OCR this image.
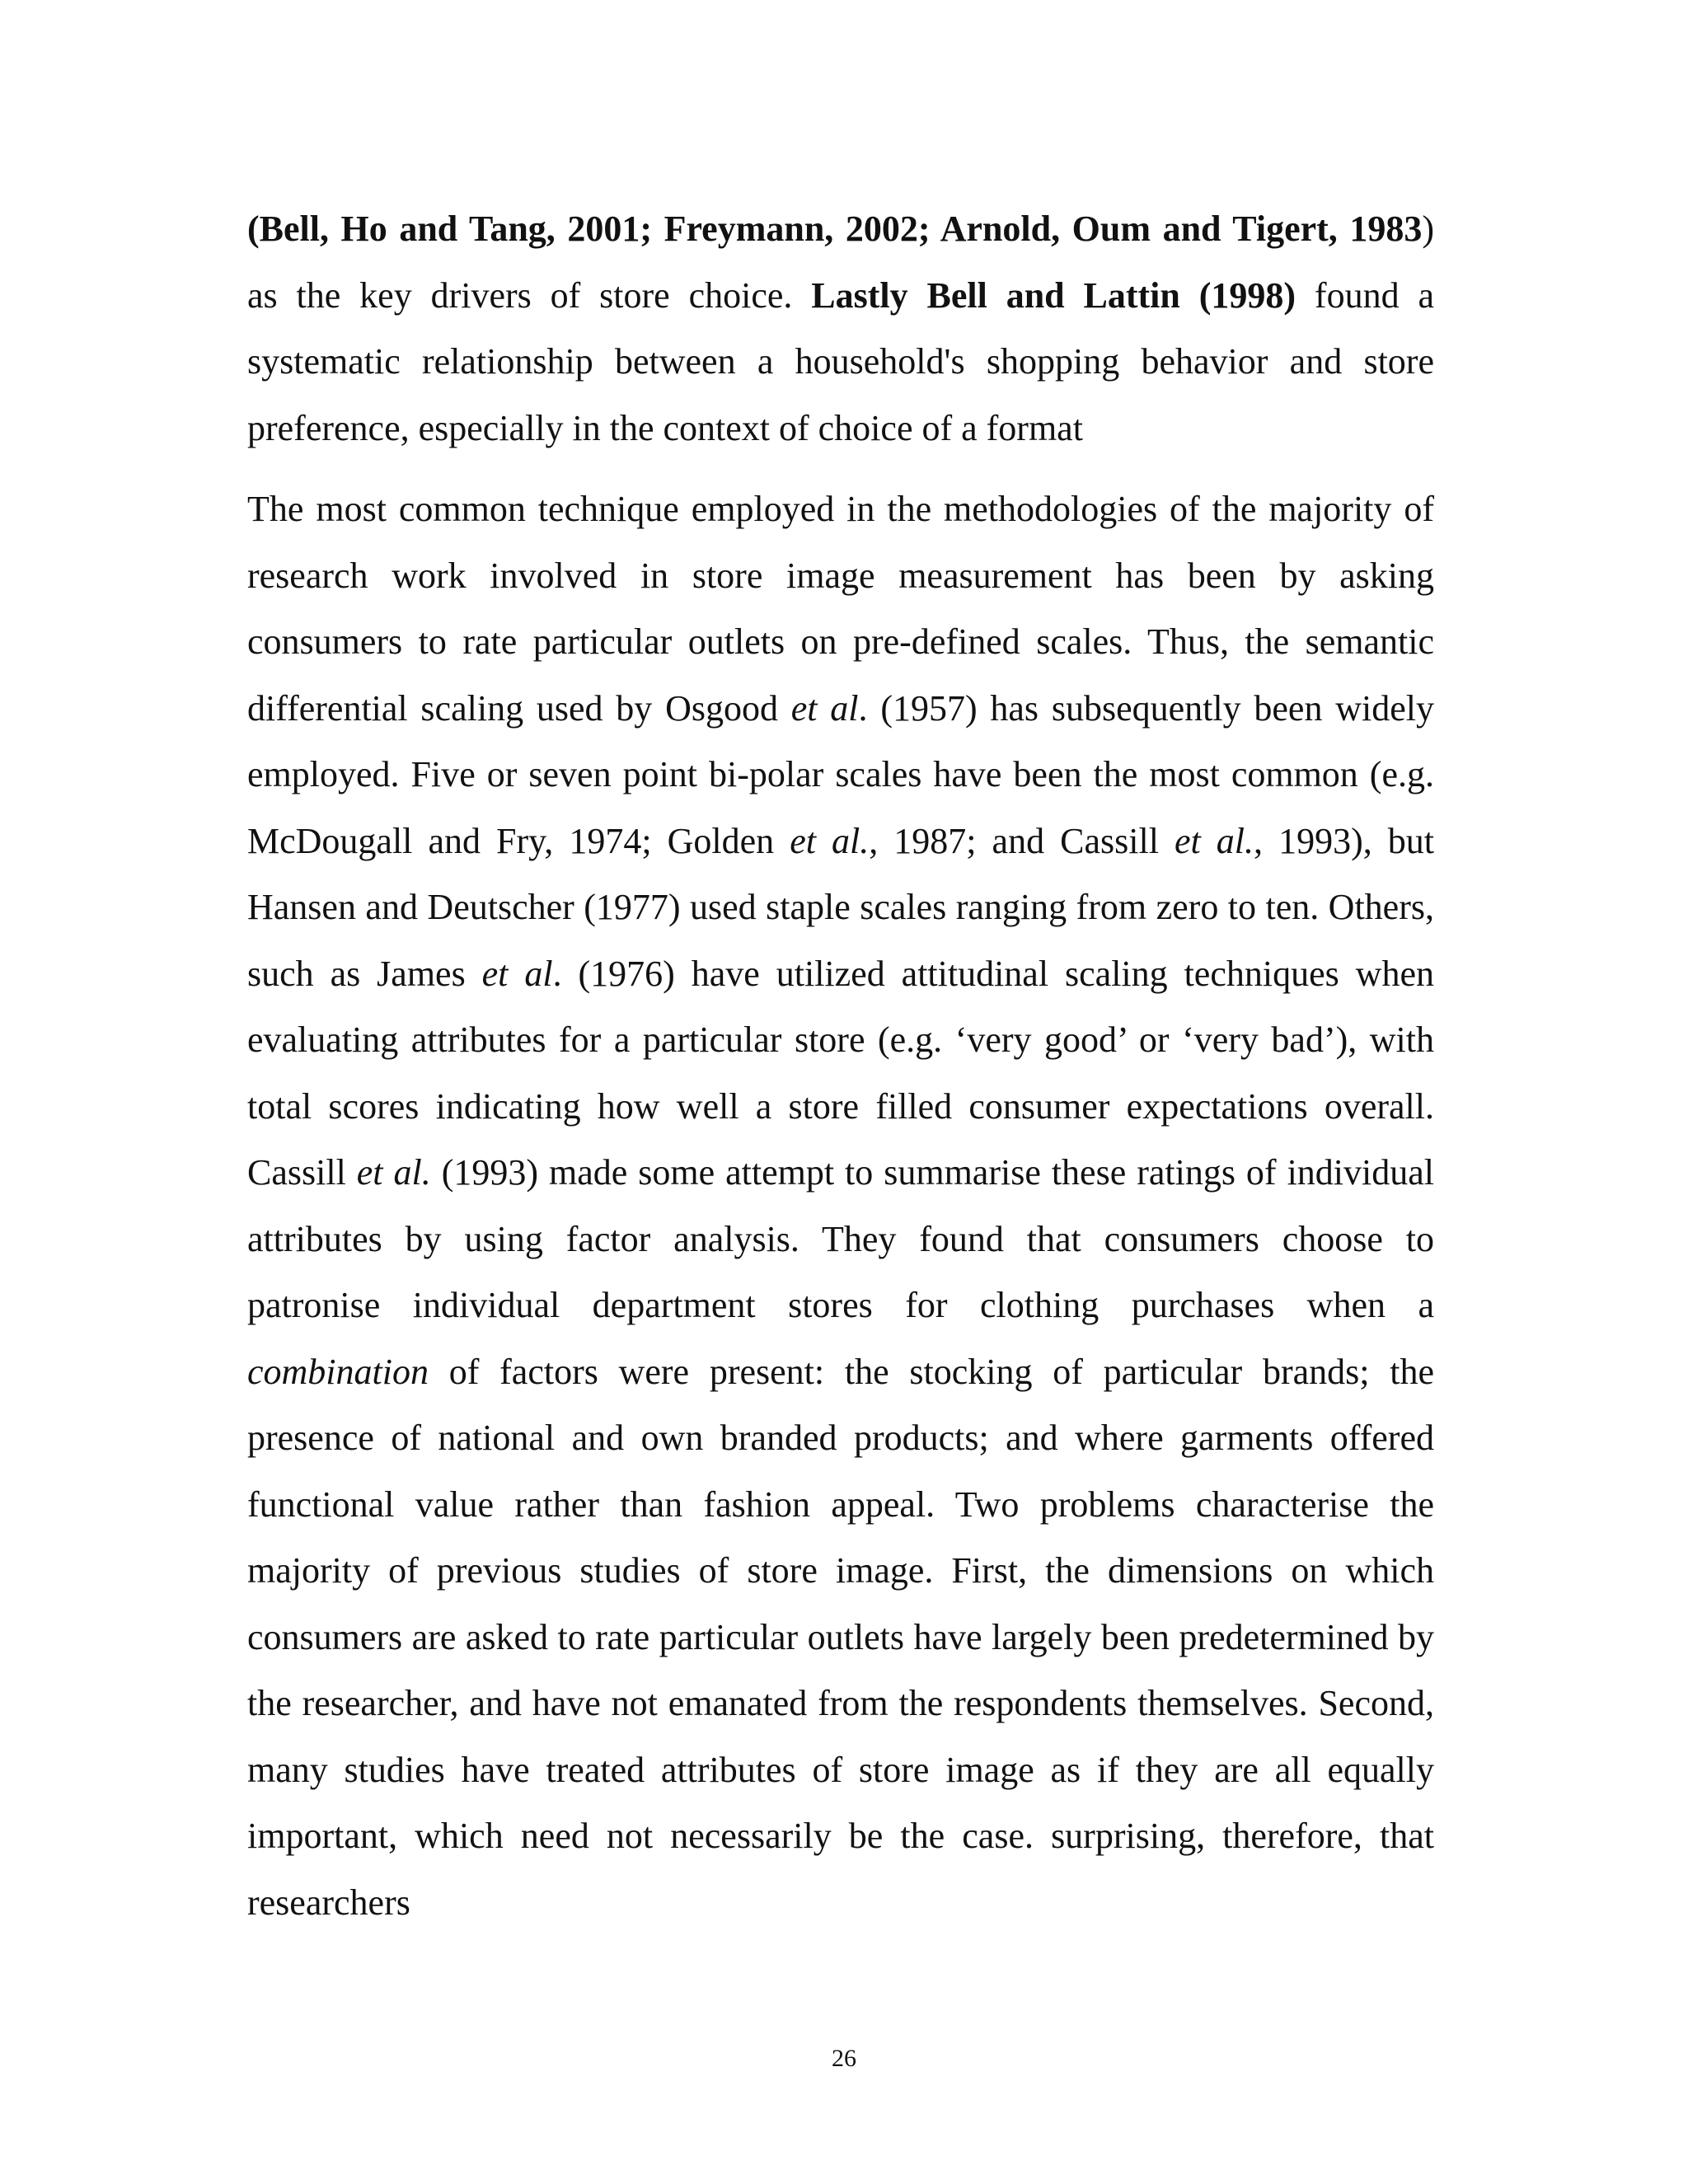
(Bell, Ho and Tang, 2001; Freymann, 2002; Arnold, Oum and Tigert, 1983) as the key drivers of store choice. Lastly Bell and Lattin (1998) found a systematic relationship between a household's shopping behavior and store preference, especially in the context of choice of a format

The most common technique employed in the methodologies of the majority of research work involved in store image measurement has been by asking consumers to rate particular outlets on pre-defined scales. Thus, the semantic differential scaling used by Osgood et al. (1957) has subsequently been widely employed. Five or seven point bi-polar scales have been the most common (e.g. McDougall and Fry, 1974; Golden et al., 1987; and Cassill et al., 1993), but Hansen and Deutscher (1977) used staple scales ranging from zero to ten. Others, such as James et al. (1976) have utilized attitudinal scaling techniques when evaluating attributes for a particular store (e.g. ‘very good’ or ‘very bad’), with total scores indicating how well a store filled consumer expectations overall. Cassill et al. (1993) made some attempt to summarise these ratings of individual attributes by using factor analysis. They found that consumers choose to patronise individual department stores for clothing purchases when a combination of factors were present: the stocking of particular brands; the presence of national and own branded products; and where garments offered functional value rather than fashion appeal. Two problems characterise the majority of previous studies of store image. First, the dimensions on which consumers are asked to rate particular outlets have largely been predetermined by the researcher, and have not emanated from the respondents themselves. Second, many studies have treated attributes of store image as if they are all equally important, which need not necessarily be the case. surprising, therefore, that researchers

26
